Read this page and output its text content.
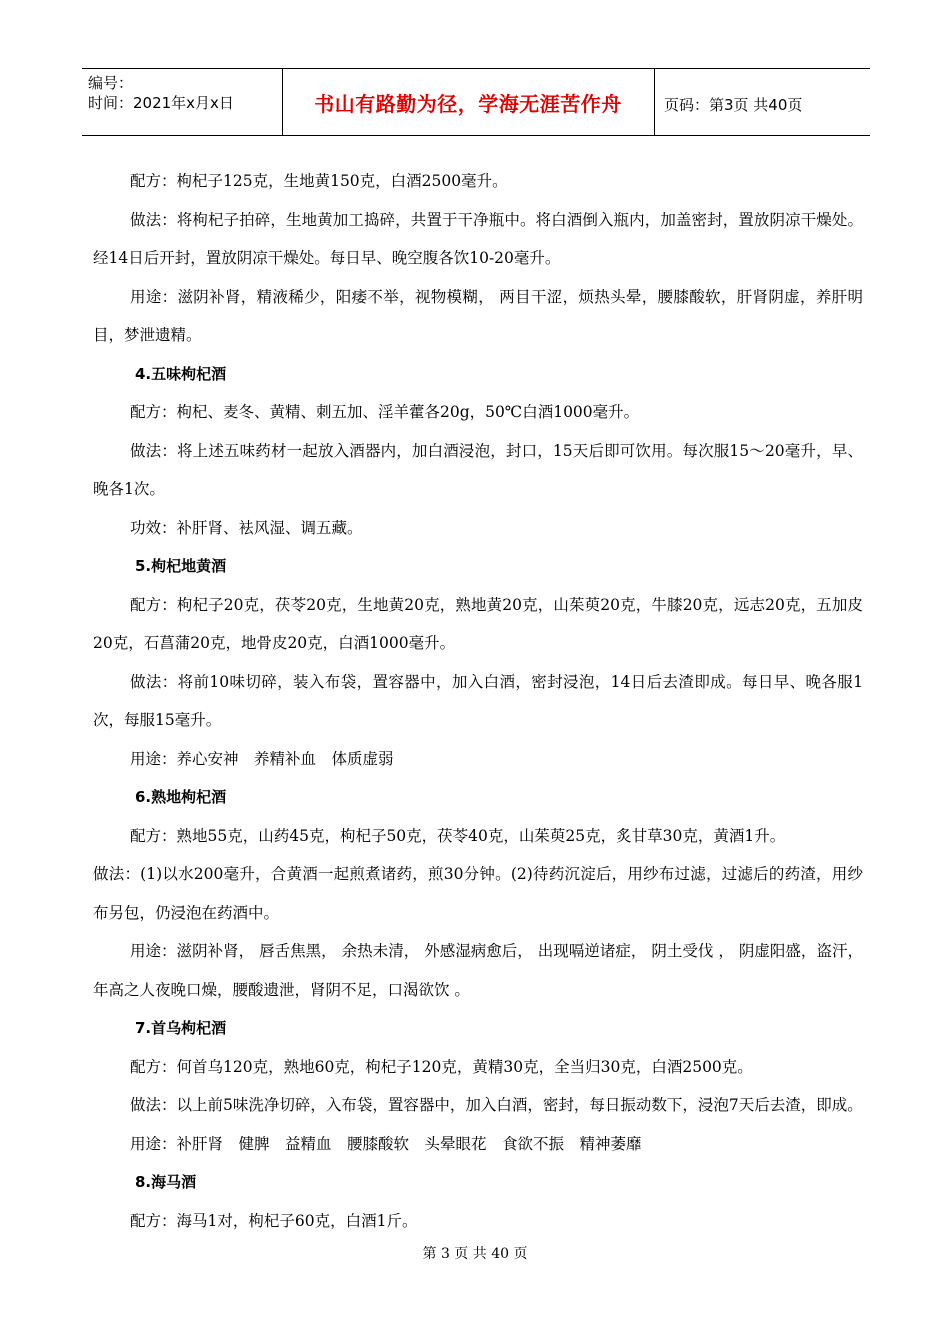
编号：
时间：2021年x月x日	书山有路勤为径，学海无涯苦作舟	页码：第3页 共40页

配方：枸杞子125克，生地黄150克，白酒2500毫升。

做法：将枸杞子拍碎，生地黄加工捣碎，共置于干净瓶中。将白酒倒入瓶内，加盖密封，置放阴凉干燥处。经14日后开封，置放阴凉干燥处。每日早、晚空腹各饮10-20毫升。

用途：滋阴补肾，精液稀少，阳痿不举，视物模糊， 两目干涩，烦热头晕，腰膝酸软，肝肾阴虚，养肝明目，梦泄遗精。

4.五味枸杞酒

配方：枸杞、麦冬、黄精、刺五加、淫羊藿各20g，50℃白酒1000毫升。

做法：将上述五味药材一起放入酒器内，加白酒浸泡，封口，15天后即可饮用。每次服15～20毫升，早、晚各1次。

功效：补肝肾、袪风湿、调五藏。

5.枸杞地黄酒

配方：枸杞子20克，茯苓20克，生地黄20克，熟地黄20克，山茱萸20克，牛膝20克，远志20克，五加皮20克，石菖蒲20克，地骨皮20克，白酒1000毫升。

做法：将前10味切碎，装入布袋，置容器中，加入白酒，密封浸泡，14日后去渣即成。每日早、晚各服1次，每服15毫升。

用途：养心安神　养精补血　体质虚弱

6.熟地枸杞酒

配方：熟地55克，山药45克，枸杞子50克，茯苓40克，山茱萸25克，炙甘草30克，黄酒1升。

做法：(1)以水200毫升，合黄酒一起煎煮诸药，煎30分钟。(2)待药沉淀后，用纱布过滤，过滤后的药渣，用纱布另包，仍浸泡在药酒中。

用途：滋阴补肾， 唇舌焦黑， 余热未清， 外感湿病愈后， 出现嗝逆诸症， 阴土受伐 ， 阴虚阳盛，盗汗，年高之人夜晚口燥，腰酸遗泄，肾阴不足，口渴欲饮 。

7.首乌枸杞酒

配方：何首乌120克，熟地60克，枸杞子120克，黄精30克，全当归30克，白酒2500克。

做法：以上前5味洗净切碎，入布袋，置容器中，加入白酒，密封，每日振动数下，浸泡7天后去渣，即成。

用途：补肝肾　健脾　益精血　腰膝酸软　头晕眼花　食欲不振　精神萎靡

8.海马酒

配方：海马1对，枸杞子60克，白酒1斤。

第 3 页 共 40 页
